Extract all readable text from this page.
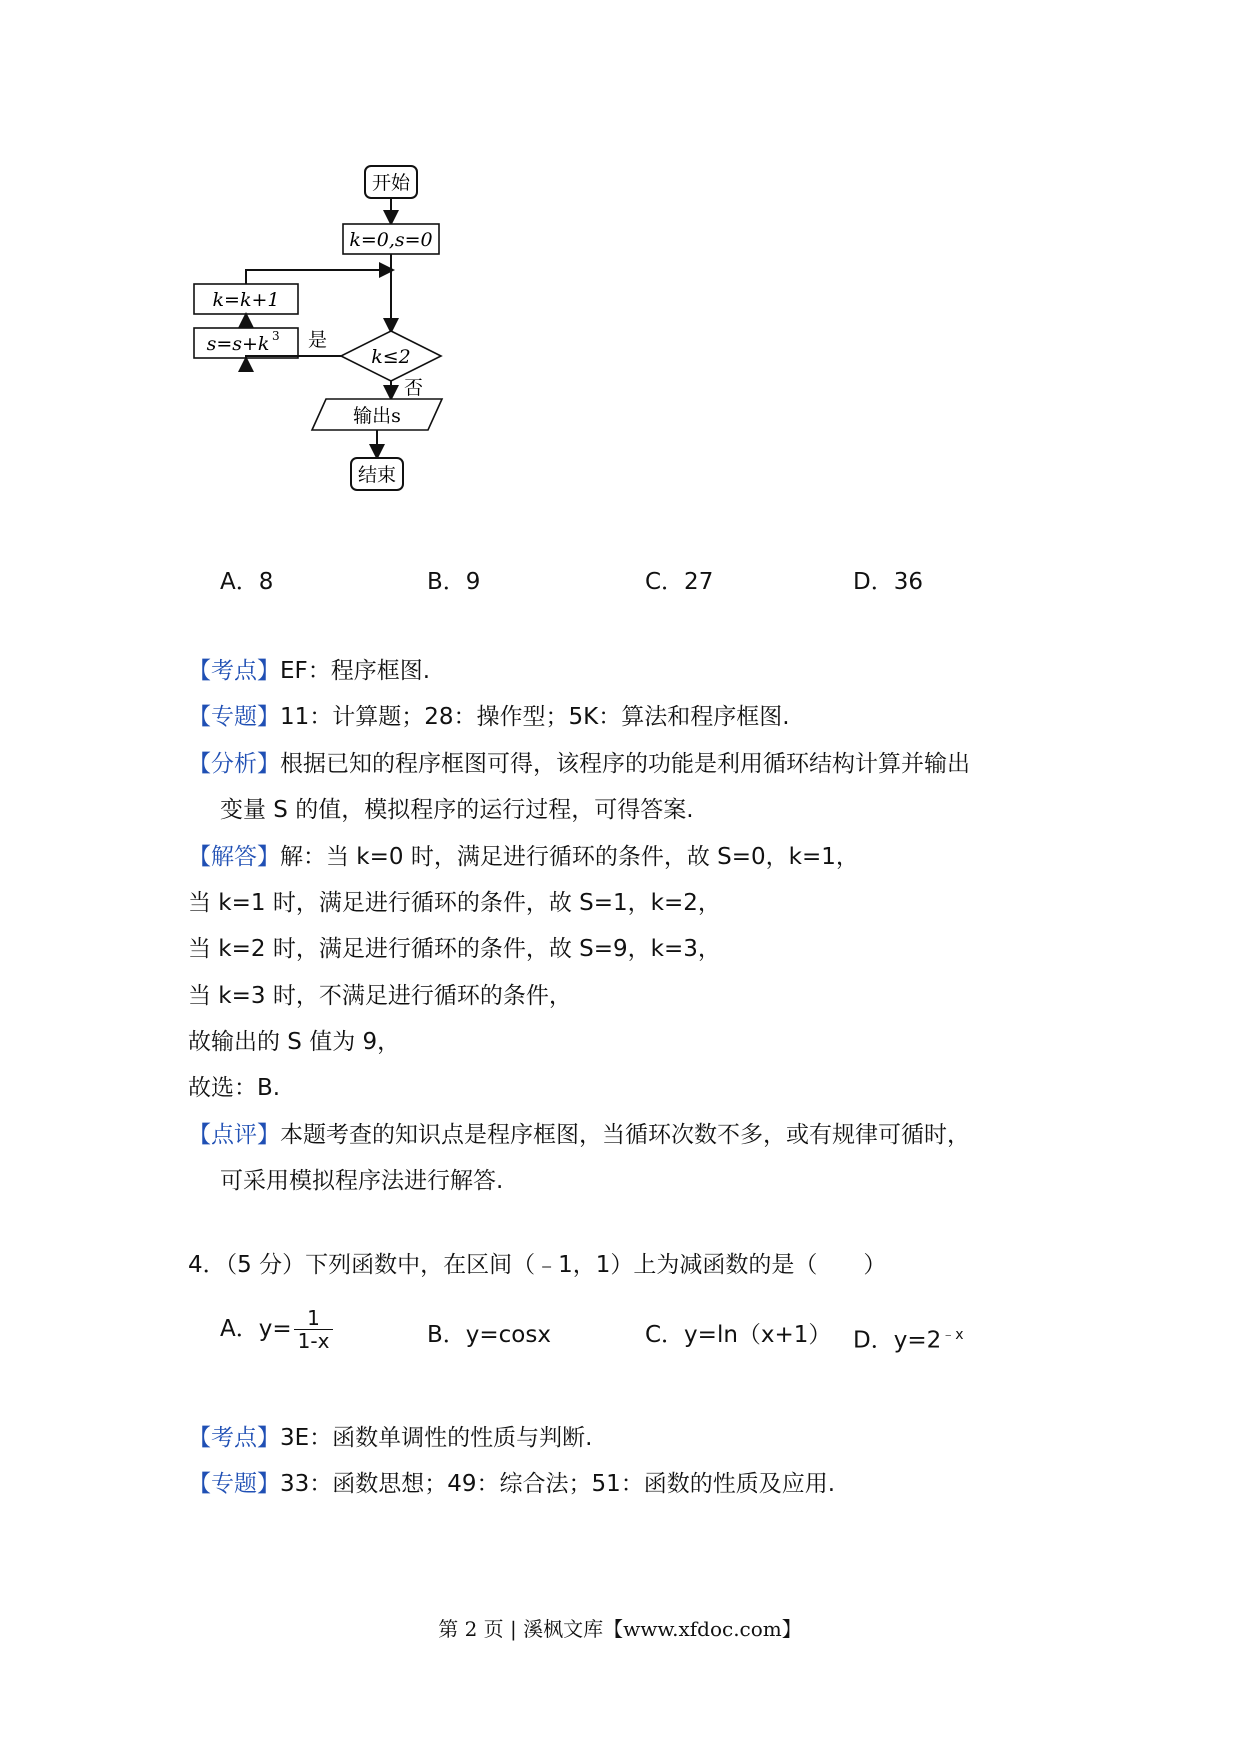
开始
k=0,s=0
k=k+1
s=s+k 3 是
k≤2
否
输出s
结束
A．8	B．9	C．27	D．36
【考点】EF：程序框图.
【专题】11：计算题；28：操作型；5K：算法和程序框图.
【分析】根据已知的程序框图可得，该程序的功能是利用循环结构计算并输出
变量 S 的值，模拟程序的运行过程，可得答案.
【解答】解：当 k=0 时，满足进行循环的条件，故 S=0，k=1，
当 k=1 时，满足进行循环的条件，故 S=1，k=2，
当 k=2 时，满足进行循环的条件，故 S=9，k=3，
当 k=3 时，不满足进行循环的条件，
故输出的 S 值为 9，
故选：B.
【点评】本题考查的知识点是程序框图，当循环次数不多，或有规律可循时，
可采用模拟程序法进行解答.
4．（5 分）下列函数中，在区间（﹣1，1）上为减函数的是（　　）
A．$y= \frac{1}{1-x}$	B．y=cosx	C．y=ln（x+1） D．$y=2^{﹣x}$
【考点】3E：函数单调性的性质与判断.
【专题】33：函数思想；49：综合法；51：函数的性质及应用.
第 2 页 | 溪枫文库【www.xfdoc.com】
